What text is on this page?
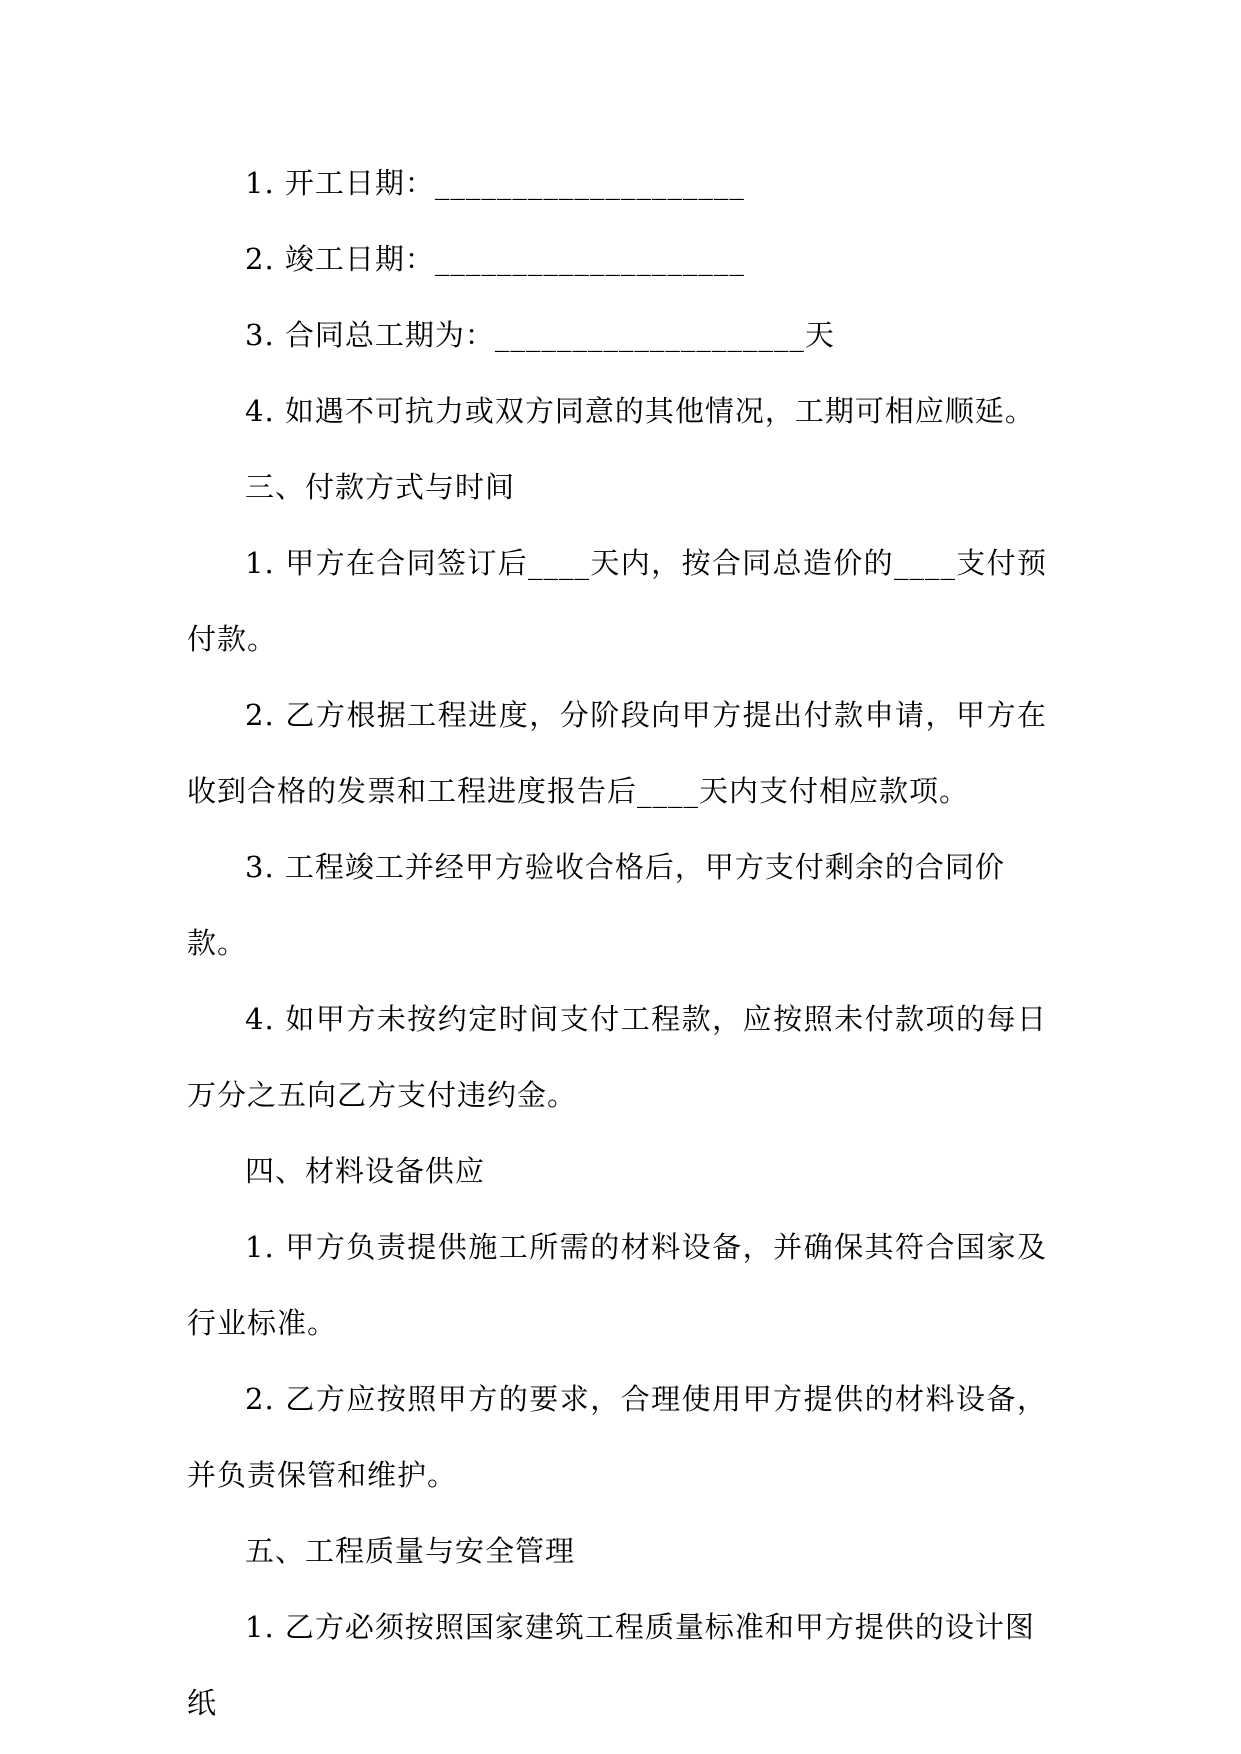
1. 开工日期：____________________

2. 竣工日期：____________________

3. 合同总工期为：____________________天

4. 如遇不可抗力或双方同意的其他情况，工期可相应顺延。

三、付款方式与时间

1. 甲方在合同签订后____天内，按合同总造价的____支付预付款。

2. 乙方根据工程进度，分阶段向甲方提出付款申请，甲方在收到合格的发票和工程进度报告后____天内支付相应款项。

3. 工程竣工并经甲方验收合格后，甲方支付剩余的合同价款。

4. 如甲方未按约定时间支付工程款，应按照未付款项的每日万分之五向乙方支付违约金。

四、材料设备供应

1. 甲方负责提供施工所需的材料设备，并确保其符合国家及行业标准。

2. 乙方应按照甲方的要求，合理使用甲方提供的材料设备，并负责保管和维护。

五、工程质量与安全管理

1. 乙方必须按照国家建筑工程质量标准和甲方提供的设计图纸
